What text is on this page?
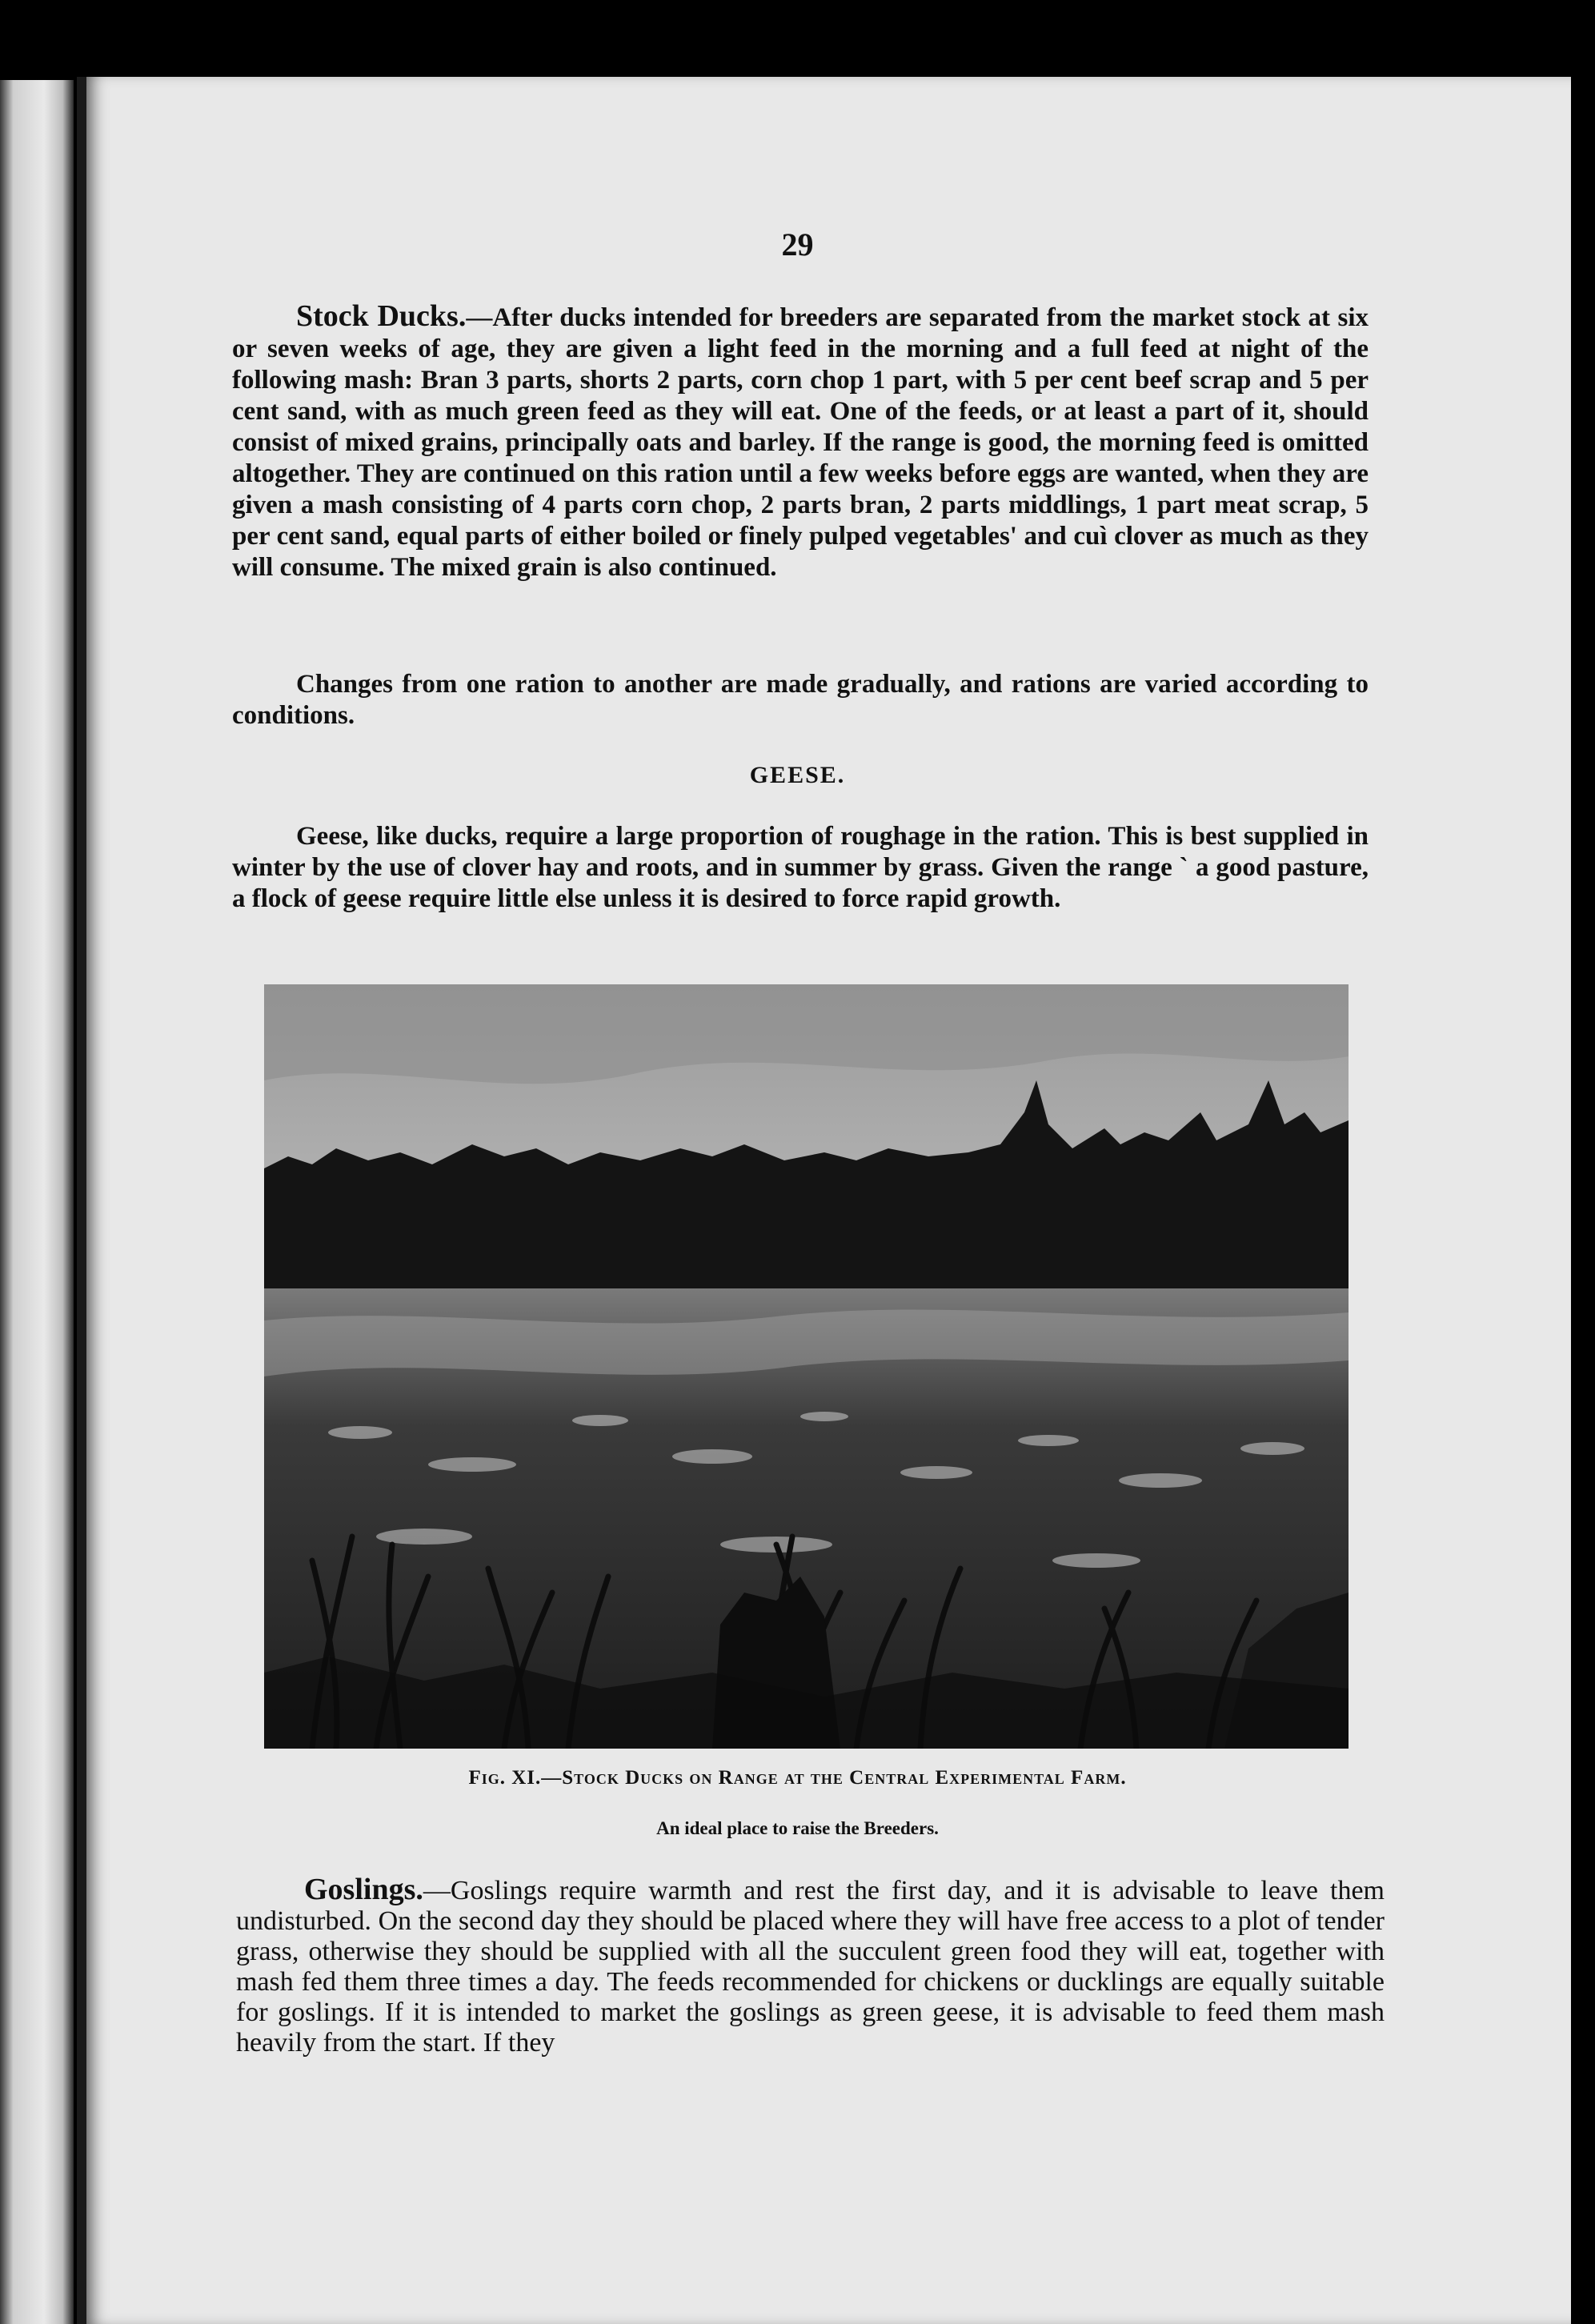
29

Stock Ducks.—After ducks intended for breeders are separated from the market stock at six or seven weeks of age, they are given a light feed in the morning and a full feed at night of the following mash: Bran 3 parts, shorts 2 parts, corn chop 1 part, with 5 per cent beef scrap and 5 per cent sand, with as much green feed as they will eat. One of the feeds, or at least a part of it, should consist of mixed grains, principally oats and barley. If the range is good, the morning feed is omitted altogether. They are continued on this ration until a few weeks before eggs are wanted, when they are given a mash consisting of 4 parts corn chop, 2 parts bran, 2 parts middlings, 1 part meat scrap, 5 per cent sand, equal parts of either boiled or finely pulped vegetables' and cuì clover as much as they will consume. The mixed grain is also continued.

Changes from one ration to another are made gradually, and rations are varied according to conditions.

GEESE.

Geese, like ducks, require a large proportion of roughage in the ration. This is best supplied in winter by the use of clover hay and roots, and in summer by grass. Given the range ˋ a good pasture, a flock of geese require little else unless it is desired to force rapid growth.

Fig. XI.—Stock Ducks on Range at the Central Experimental Farm.
An ideal place to raise the Breeders.

Goslings.—Goslings require warmth and rest the first day, and it is advisable to leave them undisturbed. On the second day they should be placed where they will have free access to a plot of tender grass, otherwise they should be supplied with all the succulent green food they will eat, together with mash fed them three times a day. The feeds recommended for chickens or ducklings are equally suitable for goslings. If it is intended to market the goslings as green geese, it is advisable to feed them mash heavily from the start. If they
